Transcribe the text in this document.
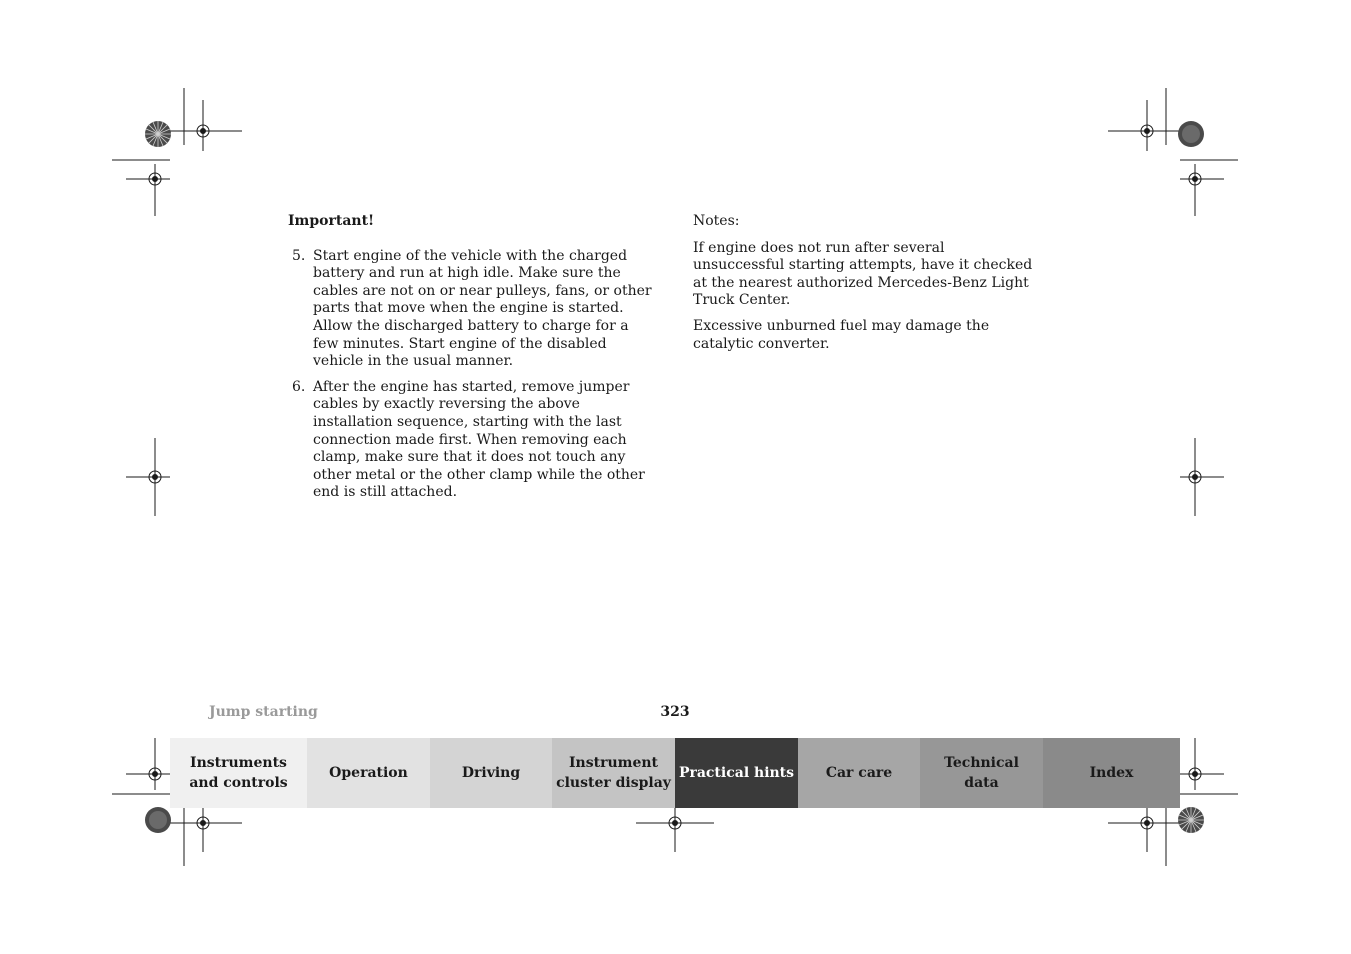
Important!

5. Start engine of the vehicle with the charged battery and run at high idle. Make sure the cables are not on or near pulleys, fans, or other parts that move when the engine is started. Allow the discharged battery to charge for a few minutes. Start engine of the disabled vehicle in the usual manner.
6. After the engine has started, remove jumper cables by exactly reversing the above installation sequence, starting with the last connection made first. When removing each clamp, make sure that it does not touch any other metal or the other clamp while the other end is still attached.

Notes:

If engine does not run after several unsuccessful starting attempts, have it checked at the nearest authorized Mercedes-Benz Light Truck Center.

Excessive unburned fuel may damage the catalytic converter.

Jump starting	323
Instruments
and controls
Operation	Driving
Instrument
cluster display
Practical hints	Car care
Technical
data
Index
